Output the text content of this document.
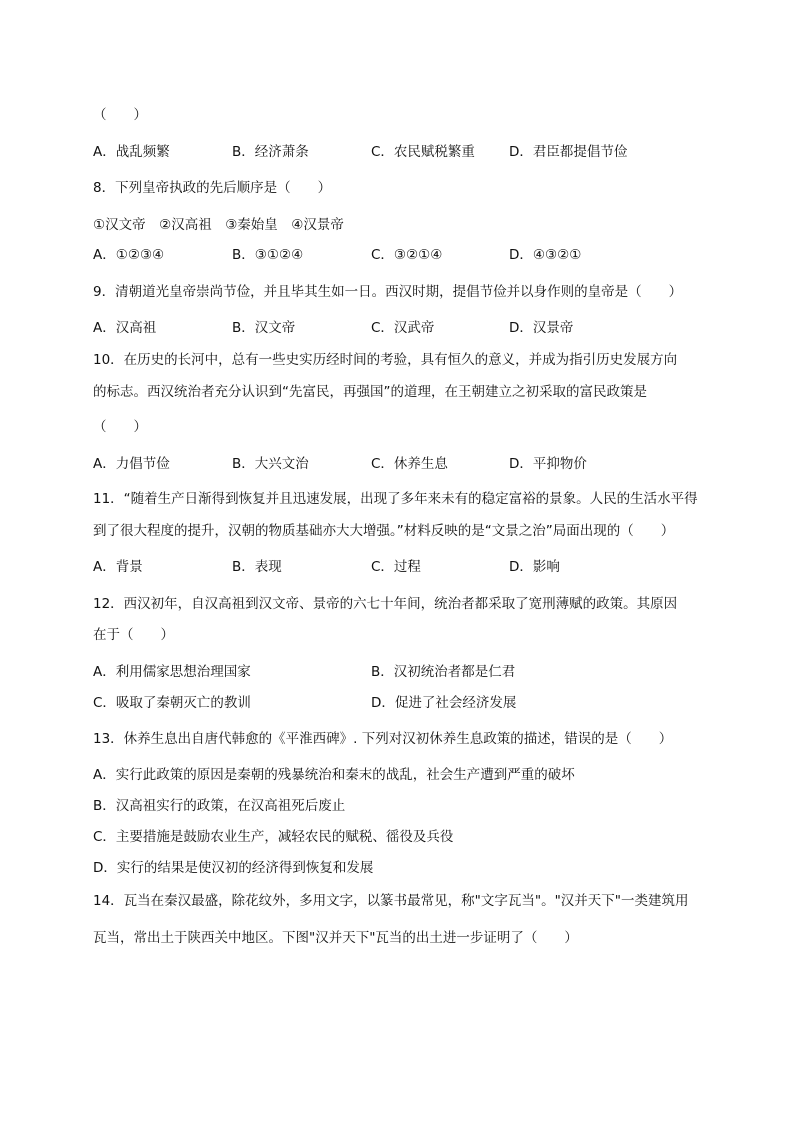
（　　）
A．战乱频繁	B．经济萧条	C．农民赋税繁重	D．君臣都提倡节俭
8．下列皇帝执政的先后顺序是（　　）
①汉文帝　②汉高祖　③秦始皇　④汉景帝
A．①②③④	B．③①②④	C．③②①④	D．④③②①
9．清朝道光皇帝崇尚节俭，并且毕其生如一日。西汉时期，提倡节俭并以身作则的皇帝是（　　）
A．汉高祖	B．汉文帝	C．汉武帝	D．汉景帝
10．在历史的长河中，总有一些史实历经时间的考验，具有恒久的意义，并成为指引历史发展方向
的标志。西汉统治者充分认识到“先富民，再强国”的道理，在王朝建立之初采取的富民政策是
（　　）
A．力倡节俭	B．大兴文治	C．休养生息	D．平抑物价
11．“随着生产日渐得到恢复并且迅速发展，出现了多年来未有的稳定富裕的景象。人民的生活水平得
到了很大程度的提升，汉朝的物质基础亦大大增强。”材料反映的是“文景之治”局面出现的（　　）
A．背景	B．表现	C．过程	D．影响
12．西汉初年，自汉高祖到汉文帝、景帝的六七十年间，统治者都采取了宽刑薄赋的政策。其原因
在于（　　）
A．利用儒家思想治理国家	B．汉初统治者都是仁君
C．吸取了秦朝灭亡的教训	D．促进了社会经济发展
13．休养生息出自唐代韩愈的《平淮西碑》. 下列对汉初休养生息政策的描述，错误的是（　　）
A．实行此政策的原因是秦朝的残暴统治和秦末的战乱，社会生产遭到严重的破坏
B．汉高祖实行的政策，在汉高祖死后废止
C．主要措施是鼓励农业生产，减轻农民的赋税、徭役及兵役
D．实行的结果是使汉初的经济得到恢复和发展
14．瓦当在秦汉最盛，除花纹外，多用文字，以篆书最常见，称"文字瓦当"。"汉并天下"一类建筑用
瓦当，常出土于陕西关中地区。下图"汉并天下"瓦当的出土进一步证明了（　　）
